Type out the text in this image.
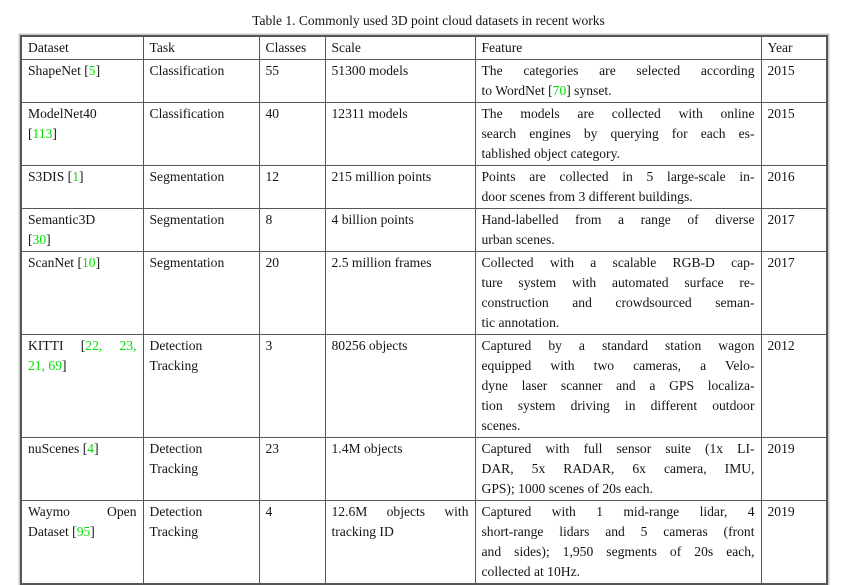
Table 1. Commonly used 3D point cloud datasets in recent works
Dataset	Task	Classes	Scale	Feature	Year

ShapeNet [5]	Classification	55	51300 models	The categories are selected according
to WordNet [70] synset.	2015

ModelNet40
[113]	Classification	40	12311 models	The models are collected with online
search engines by querying for each es-
tablished object category.	2015

S3DIS [1]	Segmentation	12	215 million points	Points are collected in 5 large-scale in-
door scenes from 3 different buildings.	2016

Semantic3D
[30]	Segmentation	8	4 billion points	Hand-labelled from a range of diverse
urban scenes.	2017

ScanNet [10]	Segmentation	20	2.5 million frames	Collected with a scalable RGB-D cap-
ture system with automated surface re-
construction and crowdsourced seman-
tic annotation.	2017

KITTI [22, 23,
21, 69]	Detection
Tracking	3	80256 objects	Captured by a standard station wagon
equipped with two cameras, a Velo-
dyne laser scanner and a GPS localiza-
tion system driving in different outdoor
scenes.	2012

nuScenes [4]	Detection
Tracking	23	1.4M objects	Captured with full sensor suite (1x LI-
DAR, 5x RADAR, 6x camera, IMU,
GPS); 1000 scenes of 20s each.	2019

Waymo Open
Dataset [95]	Detection
Tracking	4	12.6M objects with
tracking ID	Captured with 1 mid-range lidar, 4
short-range lidars and 5 cameras (front
and sides); 1,950 segments of 20s each,
collected at 10Hz.	2019
